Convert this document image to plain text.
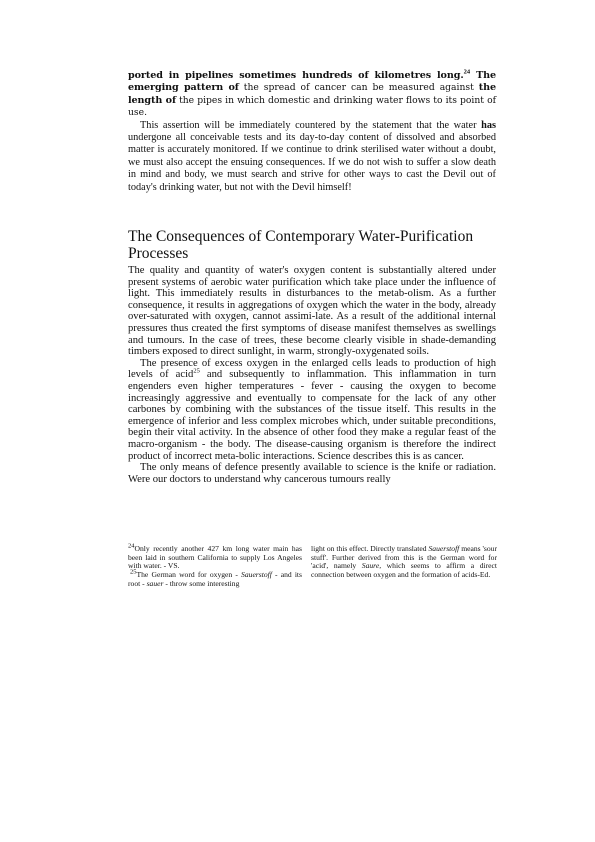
ported in pipelines sometimes hundreds of kilometres long.$^{24}$ The emerging pattern of the spread of cancer can be measured against the length of the pipes in which domestic and drinking water flows to its point of use.

This assertion will be immediately countered by the statement that the water has undergone all conceivable tests and its day-to-day content of dissolved and absorbed matter is accurately monitored. If we continue to drink sterilised water without a doubt, we must also accept the ensuing consequences. If we do not wish to suffer a slow death in mind and body, we must search and strive for other ways to cast the Devil out of today's drinking water, but not with the Devil himself!

The Consequences of Contemporary Water-Purification Processes

The quality and quantity of water's oxygen content is substantially altered under present systems of aerobic water purification which take place under the influence of light. This immediately results in disturbances to the metab-olism. As a further consequence, it results in aggregations of oxygen which the water in the body, already over-saturated with oxygen, cannot assimi-late. As a result of the additional internal pressures thus created the first symptoms of disease manifest themselves as swellings and tumours. In the case of trees, these become clearly visible in shade-demanding timbers exposed to direct sunlight, in warm, strongly-oxygenated soils.

The presence of excess oxygen in the enlarged cells leads to production of high levels of acid$^{25}$ and subsequently to inflammation. This inflammation in turn engenders even higher temperatures - fever - causing the oxygen to become increasingly aggressive and eventually to compensate for the lack of any other carbones by combining with the substances of the tissue itself. This results in the emergence of inferior and less complex microbes which, under suitable preconditions, begin their vital activity. In the absence of other food they make a regular feast of the macro-organism - the body. The disease-causing organism is therefore the indirect product of incorrect meta-bolic interactions. Science describes this is as cancer.

The only means of defence presently available to science is the knife or radiation. Were our doctors to understand why cancerous tumours really

$^{24}$Only recently another 427 km long water main has been laid in southern California to supply Los Angeles with water. - VS.

$^{25}$The German word for oxygen - Sauerstoff - and its root - sauer - throw some interesting

light on this effect. Directly translated Sauerstoff means 'sour stuff'. Further derived from this is the German word for 'acid', namely Saure, which seems to affirm a direct connection between oxygen and the formation of acids-Ed.
